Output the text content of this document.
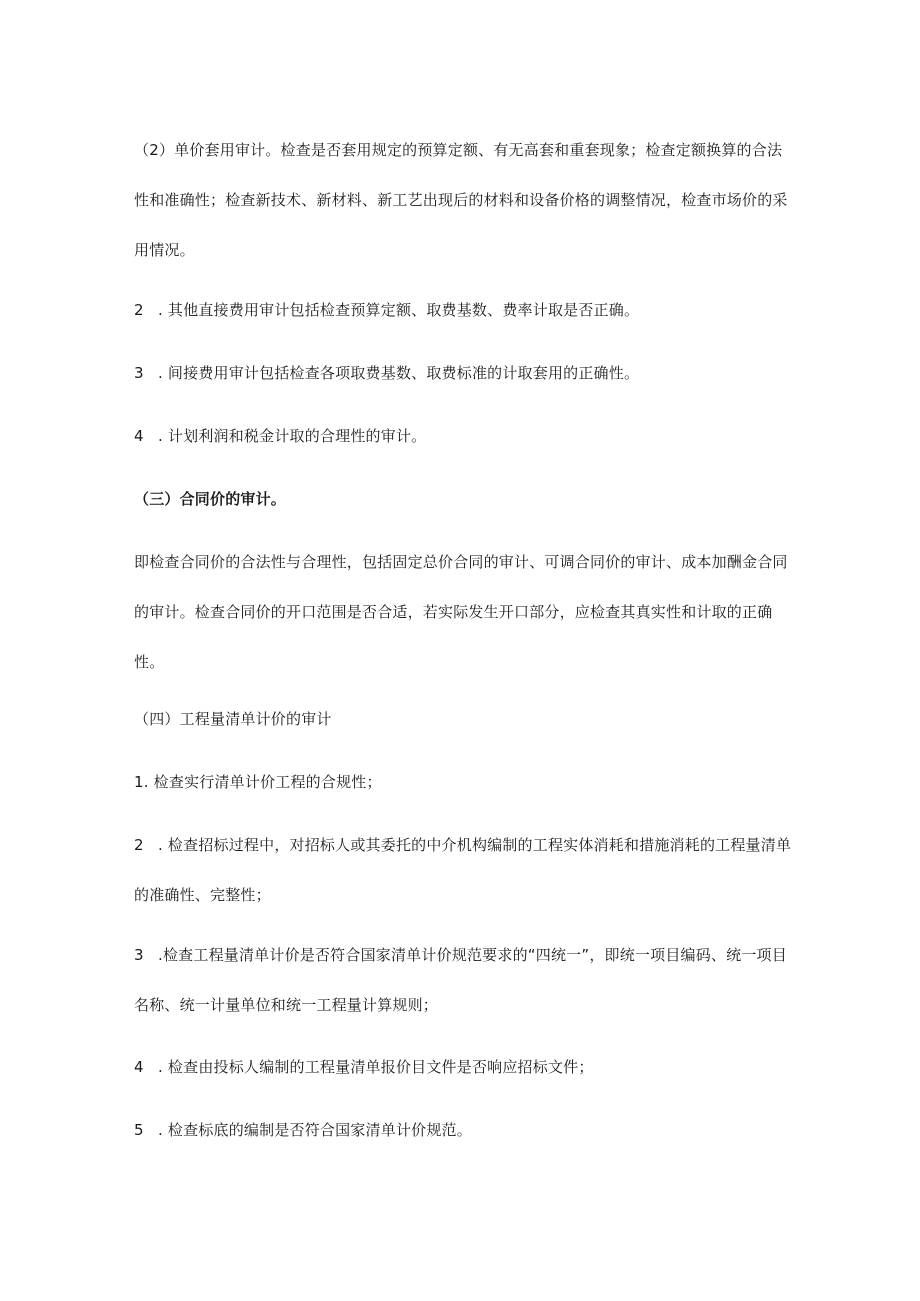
（2）单价套用审计。检查是否套用规定的预算定额、有无高套和重套现象；检查定额换算的合法性和准确性；检查新技术、新材料、新工艺出现后的材料和设备价格的调整情况，检查市场价的采用情况。

2 . 其他直接费用审计包括检查预算定额、取费基数、费率计取是否正确。

3 . 间接费用审计包括检查各项取费基数、取费标准的计取套用的正确性。

4 . 计划利润和税金计取的合理性的审计。

（三）合同价的审计。

即检查合同价的合法性与合理性，包括固定总价合同的审计、可调合同价的审计、成本加酬金合同的审计。检查合同价的开口范围是否合适，若实际发生开口部分，应检查其真实性和计取的正确性。

（四）工程量清单计价的审计

1. 检查实行清单计价工程的合规性；

2 . 检查招标过程中，对招标人或其委托的中介机构编制的工程实体消耗和措施消耗的工程量清单的准确性、完整性；

3 .检查工程量清单计价是否符合国家清单计价规范要求的“四统一”，即统一项目编码、统一项目名称、统一计量单位和统一工程量计算规则；

4 . 检查由投标人编制的工程量清单报价目文件是否响应招标文件；

5 . 检查标底的编制是否符合国家清单计价规范。
